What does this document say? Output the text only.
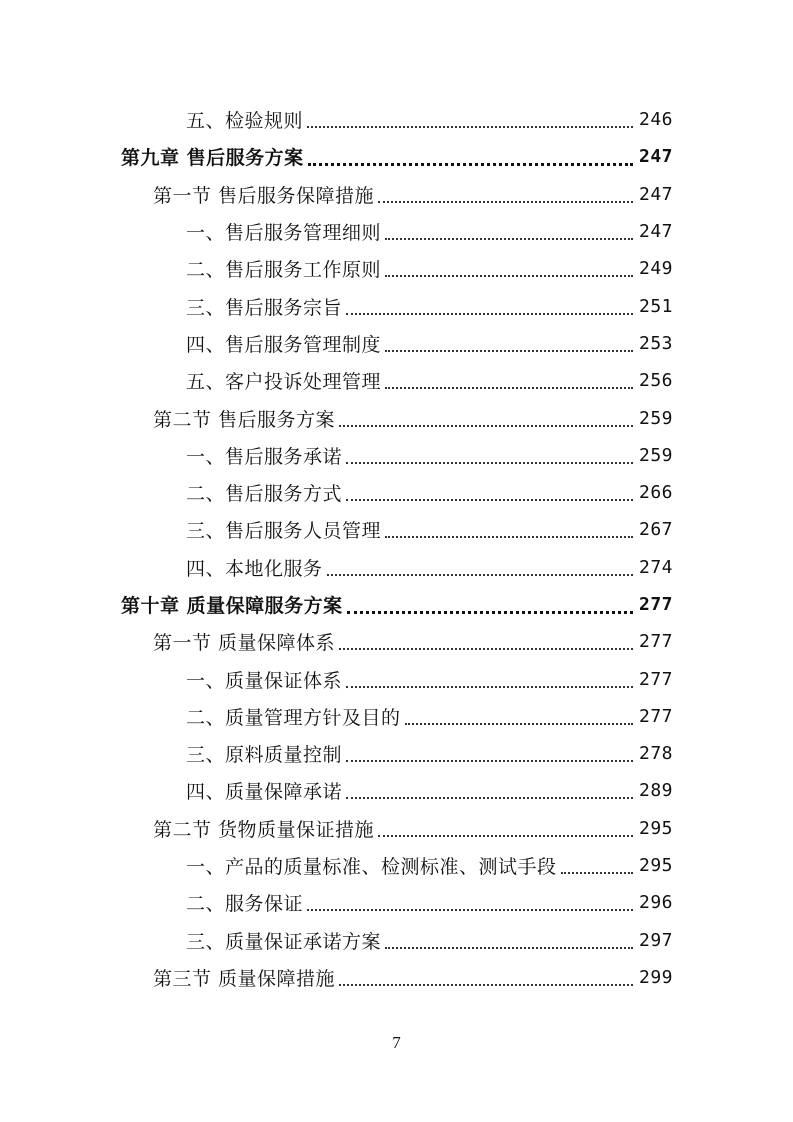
五、检验规则	246
第九章 售后服务方案	247
第一节 售后服务保障措施	247
一、售后服务管理细则	247
二、售后服务工作原则	249
三、售后服务宗旨	251
四、售后服务管理制度	253
五、客户投诉处理管理	256
第二节 售后服务方案	259
一、售后服务承诺	259
二、售后服务方式	266
三、售后服务人员管理	267
四、本地化服务	274
第十章 质量保障服务方案	277
第一节 质量保障体系	277
一、质量保证体系	277
二、质量管理方针及目的	277
三、原料质量控制	278
四、质量保障承诺	289
第二节 货物质量保证措施	295
一、产品的质量标准、检测标准、测试手段	295
二、服务保证	296
三、质量保证承诺方案	297
第三节 质量保障措施	299
7
